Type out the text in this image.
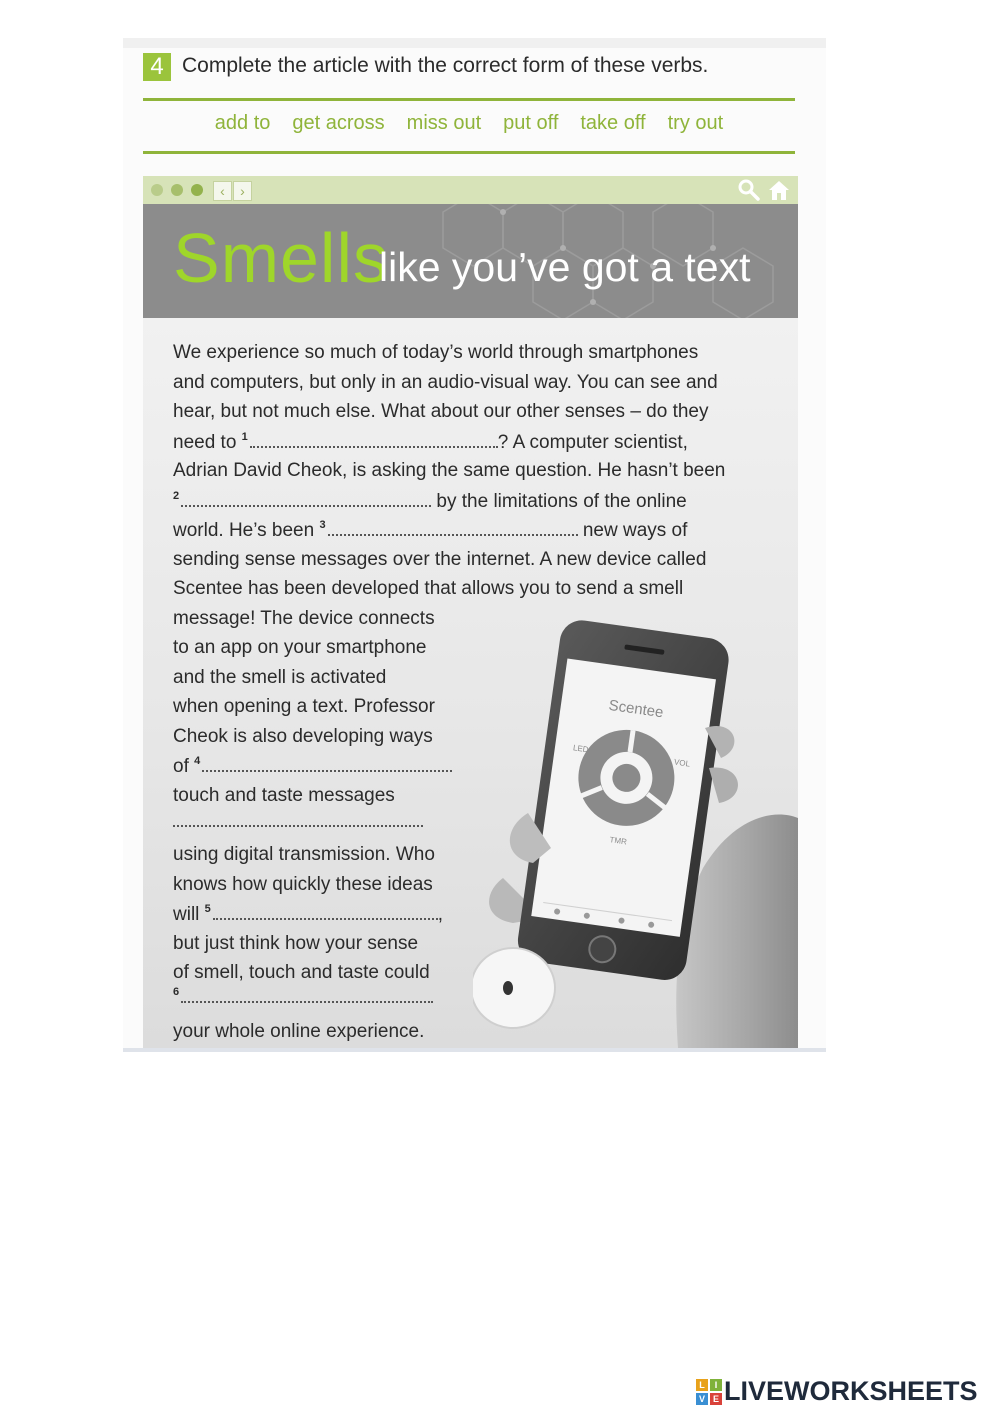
4 Complete the article with the correct form of these verbs.
add to get across miss out put off take off try out
‹	›
Smells
like you’ve got a text
We experience so much of today’s world through smartphones
and computers, but only in an audio-visual way. You can see and
hear, but not much else. What about our other senses – do they
need to $^1$	? A computer scientist,
Adrian David Cheok, is asking the same question. He hasn’t been
$^2$	by the limitations of the online
world. He’s been $^3$	new ways of
sending sense messages over the internet. A new device called
Scentee has been developed that allows you to send a smell
message! The device connects
to an app on your smartphone
and the smell is activated
when opening a text. Professor
Cheok is also developing ways
of $^4$
touch and taste messages
using digital transmission. Who
knows how quickly these ideas
will $^5$	,
but just think how your sense
of smell, touch and taste could
$^6$
your whole online experience.
Scentee
LED
VOL
TMR
L	I
V E LIVEWORKSHEETS
